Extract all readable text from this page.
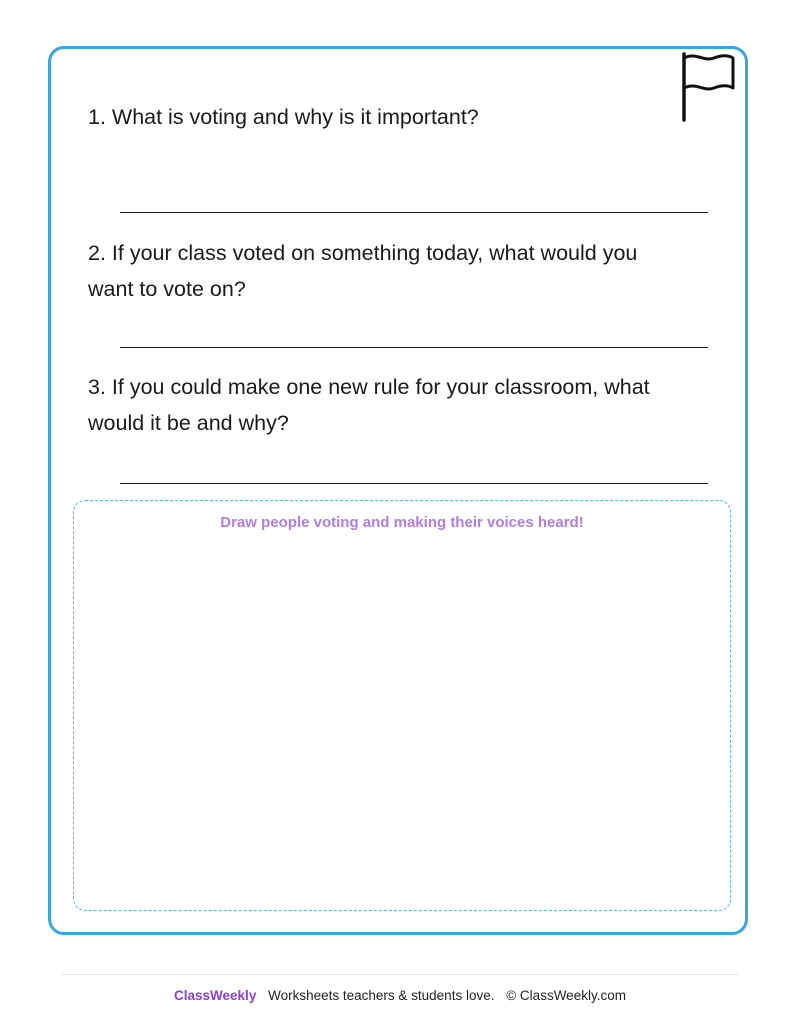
1. What is voting and why is it important?

2. If your class voted on something today, what would you want to vote on?

3. If you could make one new rule for your classroom, what would it be and why?

Draw people voting and making their voices heard!
ClassWeekly Worksheets teachers & students love. © ClassWeekly.com
